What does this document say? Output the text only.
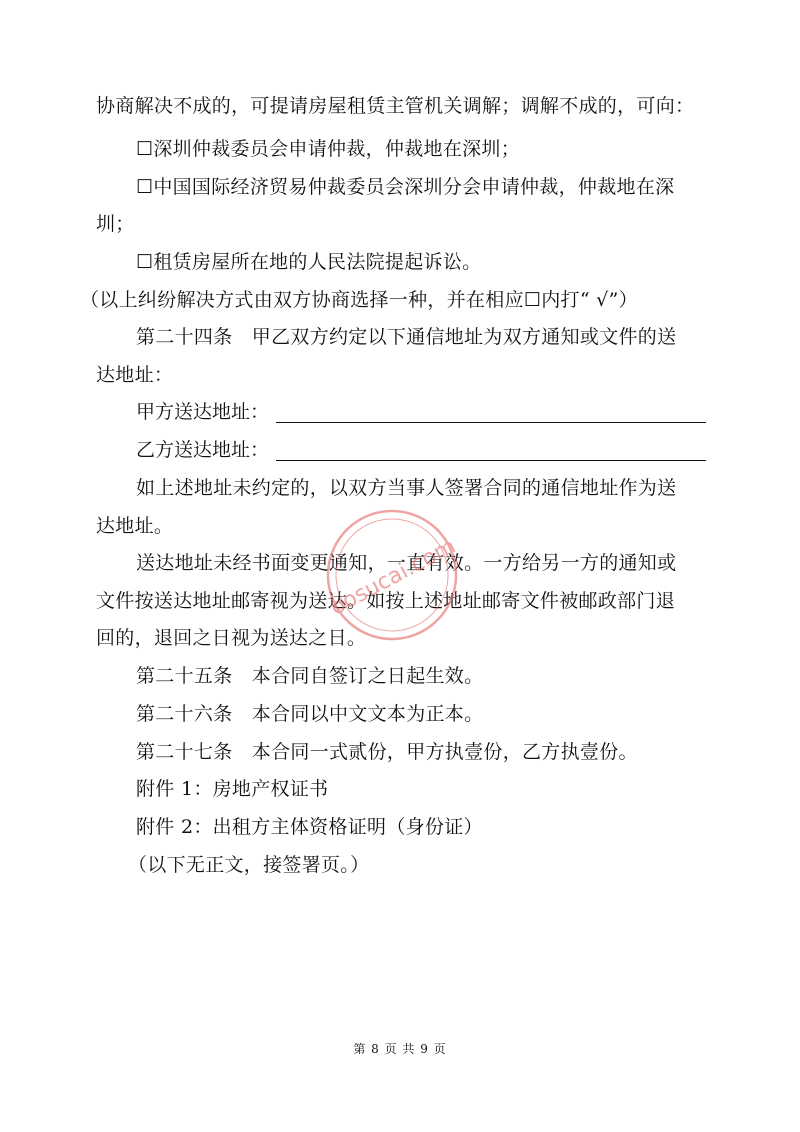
协商解决不成的，可提请房屋租赁主管机关调解；调解不成的，可向：
☐深圳仲裁委员会申请仲裁，仲裁地在深圳；
☐中国国际经济贸易仲裁委员会深圳分会申请仲裁，仲裁地在深
圳；
☐租赁房屋所在地的人民法院提起诉讼。
（以上纠纷解决方式由双方协商选择一种，并在相应☐内打“ √”）
第二十四条　甲乙双方约定以下通信地址为双方通知或文件的送
达地址：
甲方送达地址：
乙方送达地址：
如上述地址未约定的，以双方当事人签署合同的通信地址作为送
达地址。
送达地址未经书面变更通知，一直有效。一方给另一方的通知或
文件按送达地址邮寄视为送达。如按上述地址邮寄文件被邮政部门退
回的，退回之日视为送达之日。
第二十五条　本合同自签订之日起生效。
第二十六条　本合同以中文文本为正本。
第二十七条　本合同一式贰份，甲方执壹份，乙方执壹份。
附件 1：房地产权证书
附件 2：出租方主体资格证明（身份证）
（以下无正文，接签署页。）
oosucai.com
第 8 页 共 9 页
